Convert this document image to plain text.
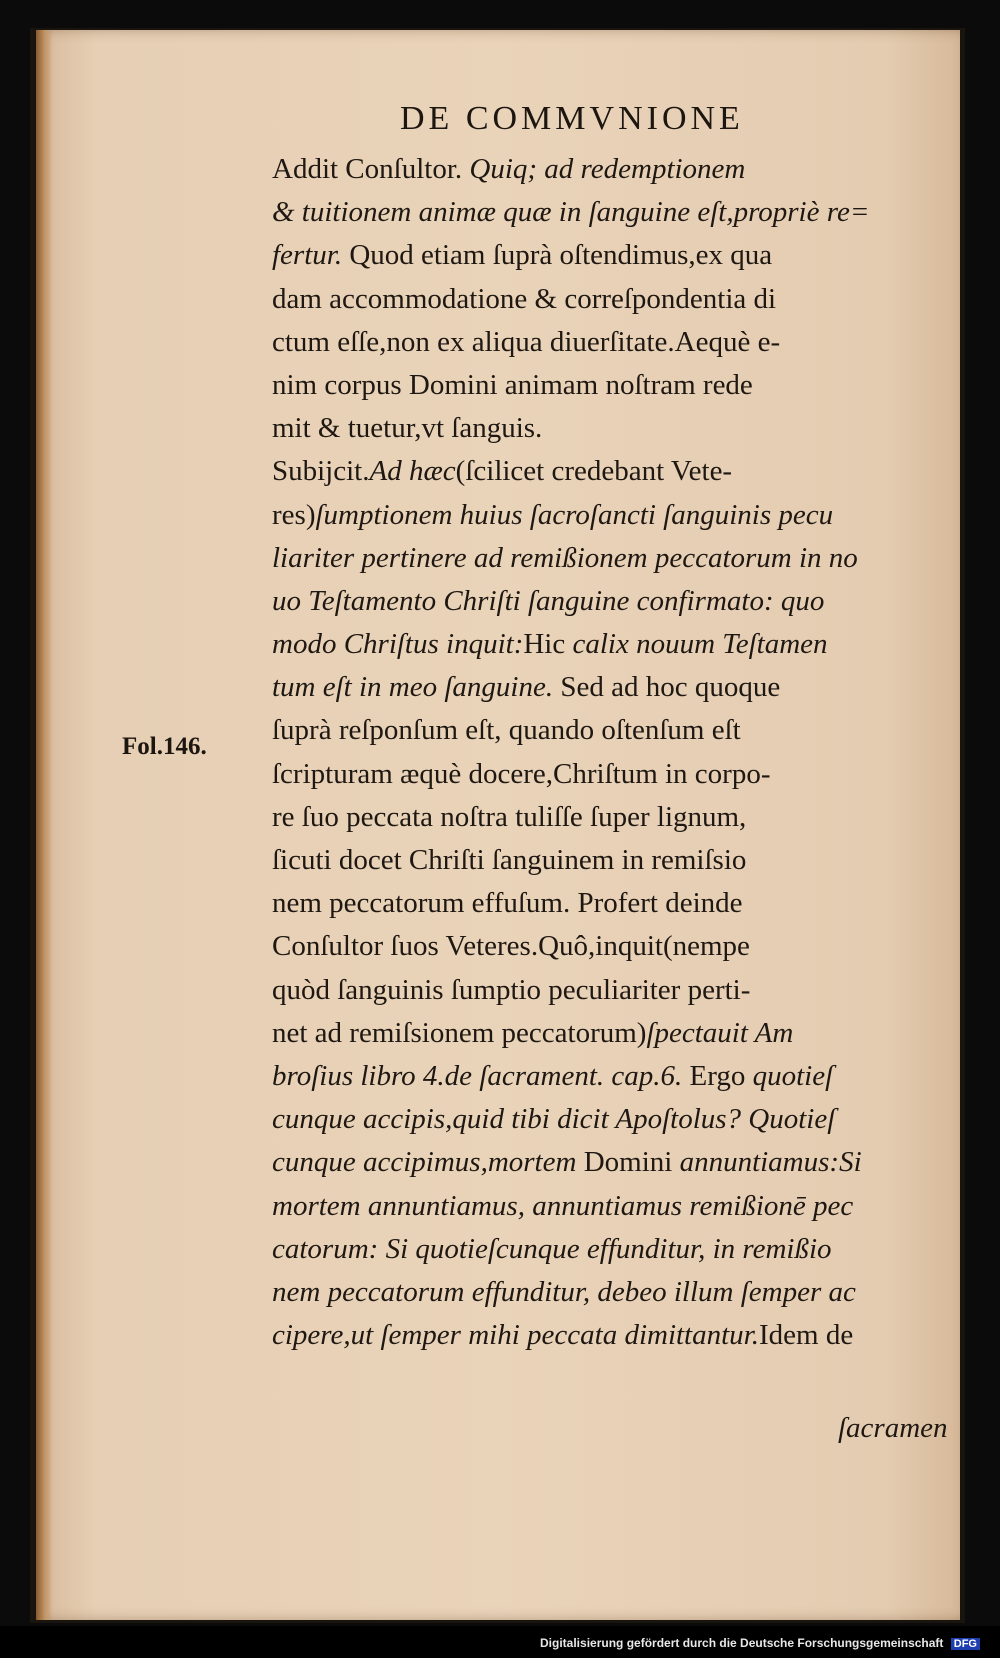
DE COMMVNIONE
Fol.146.
Addit Conſultor. Quiq; ad redemptionem
& tuitionem animæ quæ in ſanguine eſt,propriè re=
fertur. Quod etiam ſuprà oſtendimus,ex qua
dam accommodatione & correſpondentia di
ctum eſſe,non ex aliqua diuerſitate.Aequè e-
nim corpus Domini animam noſtram rede
mit & tuetur,vt ſanguis.
Subijcit.Ad hæc(ſcilicet credebant Vete-
res)ſumptionem huius ſacroſancti ſanguinis pecu
liariter pertinere ad remißionem peccatorum in no
uo Teſtamento Chriſti ſanguine confirmato: quo
modo Chriſtus inquit:Hic calix nouum Teſtamen
tum eſt in meo ſanguine. Sed ad hoc quoque
ſuprà reſponſum eſt, quando oſtenſum eſt
ſcripturam æquè docere,Chriſtum in corpo-
re ſuo peccata noſtra tuliſſe ſuper lignum,
ſicuti docet Chriſti ſanguinem in remiſsio
nem peccatorum effuſum. Profert deinde
Conſultor ſuos Veteres.Quô,inquit(nempe
quòd ſanguinis ſumptio peculiariter perti-
net ad remiſsionem peccatorum)ſpectauit Am
broſius libro 4.de ſacrament. cap.6. Ergo quotieſ
cunque accipis,quid tibi dicit Apoſtolus? Quotieſ
cunque accipimus,mortem Domini annuntiamus:Si
mortem annuntiamus, annuntiamus remißionē pec
catorum: Si quotieſcunque effunditur, in remißio
nem peccatorum effunditur, debeo illum ſemper ac
cipere,ut ſemper mihi peccata dimittantur.Idem de
ſacramen
Digitalisierung gefördert durch die Deutsche Forschungsgemeinschaft DFG
